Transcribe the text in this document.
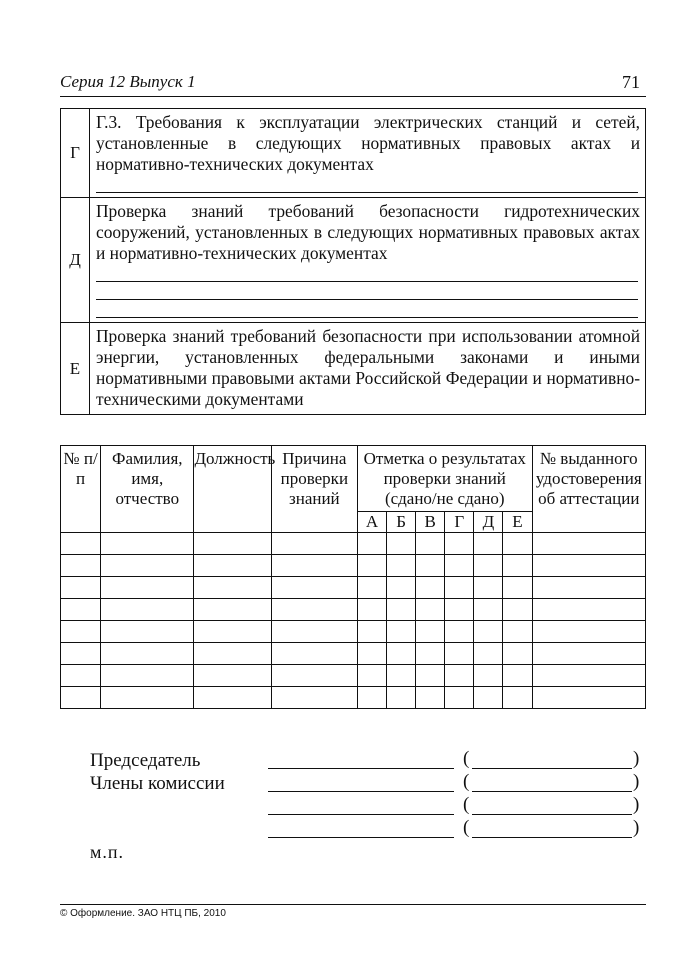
Серия 12 Выпуск 1	71
Г	Г.3. Требования к эксплуатации электрических станций и сетей, установленные в следующих нормативных правовых актах и нормативно-технических документах

Д	Проверка знаний требований безопасности гидротехнических сооружений, установленных в следующих нормативных правовых актах и нормативно-технических документах

Е	Проверка знаний требований безопасности при использовании атомной энергии, установленных федеральными законами и иными нормативными правовыми актами Российской Федерации и нормативно-техническими документами
№ п/п	Фамилия, имя, отчество	Должность	Причина проверки знаний	Отметка о результатах проверки знаний (сдано/не сдано)						№ выданного удостоверения об аттестации
				А	Б	В	Г	Д	Е	

Председатель
Члены комиссии
(	)
(	)
(	)
(	)
м.п.
© Оформление. ЗАО НТЦ ПБ, 2010
